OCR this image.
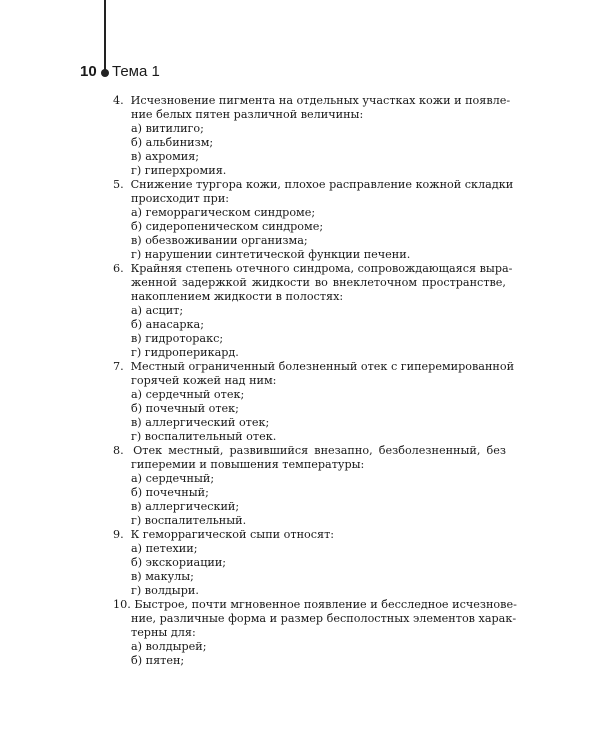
10	Тема 1
4. Исчезновение пигмента на отдельных участках кожи и появле-
ние белых пятен различной величины:
а) витилиго;
б) альбинизм;
в) ахромия;
г) гиперхромия.
5. Снижение тургора кожи, плохое расправление кожной складки
происходит при:
а) геморрагическом синдроме;
б) сидеропеническом синдроме;
в) обезвоживании организма;
г) нарушении синтетической функции печени.
6. Крайняя степень отечного синдрома, сопровождающаяся выра-
женной задержкой жидкости во внеклеточном пространстве,
накоплением жидкости в полостях:
а) асцит;
б) анасарка;
в) гидроторакс;
г) гидроперикард.
7. Местный ограниченный болезненный отек с гиперемированной
горячей кожей над ним:
а) сердечный отек;
б) почечный отек;
в) аллергический отек;
г) воспалительный отек.
8. Отек местный, развившийся внезапно, безболезненный, без
гиперемии и повышения температуры:
а) сердечный;
б) почечный;
в) аллергический;
г) воспалительный.
9. К геморрагической сыпи относят:
а) петехии;
б) экскориации;
в) макулы;
г) волдыри.
10. Быстрое, почти мгновенное появление и бесследное исчезнове-
ние, различные форма и размер бесполостных элементов харак-
терны для:
а) волдырей;
б) пятен;
